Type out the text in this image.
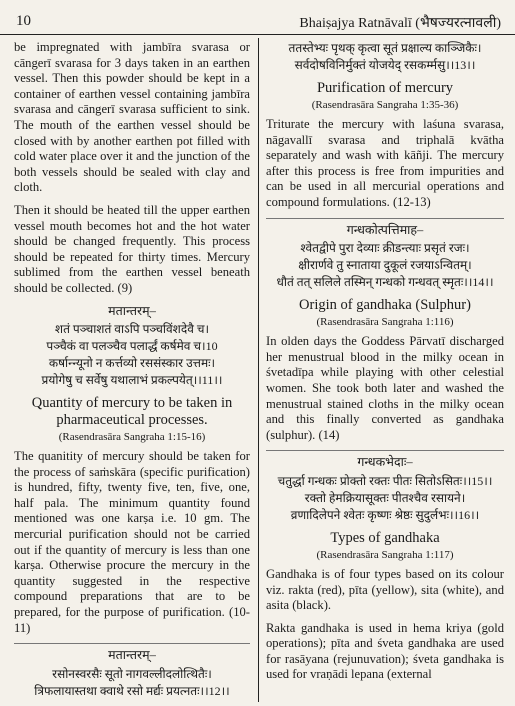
10	Bhaiṣajya Ratnāvalī (भैषज्यरत्नावली)

be impregnated with jambīra svarasa or cāngerī svarasa for 3 days taken in an earthen vessel. Then this powder should be kept in a container of earthen vessel containing jambīra svarasa and cāngerī svarasa sufficient to sink. The mouth of the earthen vessel should be closed with by another earthen pot filled with cold water place over it and the junction of the both vessels should be sealed with clay and cloth.

Then it should be heated till the upper earthen vessel mouth becomes hot and the hot water should be changed frequently. This process should be repeated for thirty times. Mercury sublimed from the earthen vessel beneath should be collected. (9)

मतान्तरम्–
शतं पञ्चाशतं वाऽपि पञ्चविंशदेवै च।
पञ्चैकं वा पलञ्चैव पलार्द्धं कर्षमेव च।10
कर्षान्न्यूनो न कर्त्तव्यो रससंस्कार उत्तमः।
प्रयोगेषु च सर्वेषु यथालाभं प्रकल्पयेत्।।11।।
Quantity of mercury to be taken in pharmaceutical processes.
(Rasendrasāra Sangraha 1:15-16)

The quanitity of mercury should be taken for the process of saṁskāra (specific purification) is hundred, fifty, twenty five, ten, five, one, half pala. The minimum quantity found mentioned was one karṣa i.e. 10 gm. The mercurial purification should not be carried out if the quantity of mercury is less than one karṣa. Otherwise procure the mercury in the quantity suggested in the respective compound preparations that are to be prepared, for the purpose of purification. (10-11)

मतान्तरम्–
रसोनस्वरसैः सूतो नागवल्लीदलोत्थितैः।
त्रिफलायास्तथा क्वाथे रसो मर्द्यः प्रयत्नतः।।12।।
ततस्तेभ्यः पृथक् कृत्वा सूतं प्रक्षाल्य काञ्जिकैः।
सर्वदोषविनिर्मुक्तं योजयेद् रसकर्म्मसु।।13।।
Purification of mercury
(Rasendrasāra Sangraha 1:35-36)

Triturate the mercury with laśuna svarasa, nāgavallī svarasa and triphalā kvātha separately and wash with kāñji. The mercury after this process is free from impurities and can be used in all mercurial operations and compound formulations. (12-13)

गन्धकोत्पत्तिमाह–
श्वेतद्वीपे पुरा देव्याः क्रीडन्त्याः प्रसृतं रजः।
क्षीरार्णवे तु स्नाताया दुकूलं रजयाऽन्वितम्।
धौतं तत् सलिले तस्मिन् गन्धको गन्धवत् स्मृतः।।14।।
Origin of gandhaka (Sulphur)
(Rasendrasāra Sangraha 1:116)

In olden days the Goddess Pārvatī discharged her menustrual blood in the milky ocean in śvetadīpa while playing with other celestial women. She took both later and washed the menustrual stained cloths in the milky ocean and this finally converted as gandhaka (sulphur). (14)

गन्धकभेदाः–
चतुर्द्धा गन्धकः प्रोक्तो रक्तः पीतः सितोऽसितः।।15।।
रक्तो हेमक्रियासूक्तः पीतश्चैव रसायने।
व्रणादिलेपने श्वेतः कृष्णः श्रेष्ठः सुदुर्लभः।।16।।
Types of gandhaka
(Rasendrasāra Sangraha 1:117)

Gandhaka is of four types based on its colour viz. rakta (red), pīta (yellow), sita (white), and asita (black).

Rakta gandhaka is used in hema kriya (gold operations); pīta and śveta gandhaka are used for rasāyana (rejunuvation); śveta gandhaka is used for vraṇādi lepana (external
